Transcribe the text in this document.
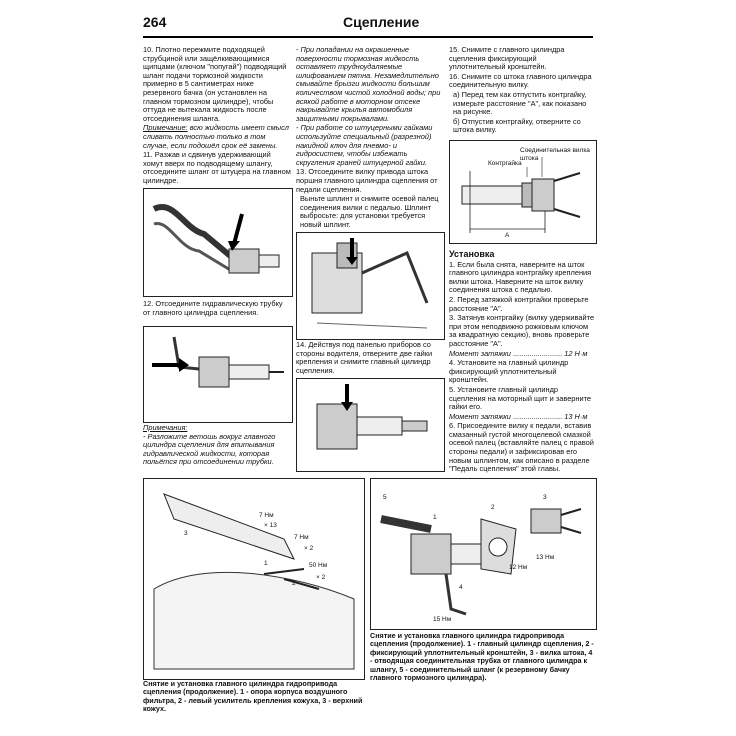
264	Сцепление

10. Плотно пережмите подходящей струбциной или защёлкивающимися щипцами (ключом "попугай") подводящий шланг подачи тормозной жидкости примерно в 5 сантиметрах ниже резервного бачка (он установлен на главном тормозном цилиндре), чтобы оттуда не вытекала жидкость после отсоединения шланга.

Примечание: всю жидкость имеет смысл сливать полностью только в том случае, если подошёл срок её замены.

11. Разжав и сдвинув удерживающий хомут вверх по подводящему шлангу, отсоедините шланг от штуцера на главном цилиндре.

12. Отсоедините гидравлическую трубку от главного цилиндра сцепления.

Примечания:
- Разложите ветошь вокруг главного цилиндра сцепления для впитывания гидравлической жидкости, которая польётся при отсоединении трубки.

- При попадании на окрашенные поверхности тормозная жидкость оставляет трудноудаляемые шлифованием пятна. Незамедлительно смывайте брызги жидкости большим количеством чистой холодной воды; при всякой работе в моторном отсеке накрывайте крылья автомобиля защитными покрывалами.

- При работе со штуцерными гайками используйте специальный (разрезной) накидной ключ для пневмо- и гидросистем, чтобы избежать скругления граней штуцерной гайки.

13. Отсоедините вилку привода штока поршня главного цилиндра сцепления от педали сцепления.

Выньте шплинт и снимите осевой палец соединения вилки с педалью. Шплинт выбросьте: для установки требуется новый шплинт.

14. Действуя под панелью приборов со стороны водителя, отверните две гайки крепления и снимите главный цилиндр сцепления.

15. Снимите с главного цилиндра сцепления фиксирующий уплотнительный кронштейн.

16. Снимите со штока главного цилиндра соединительную вилку.

а) Перед тем как отпустить контргайку, измерьте расстояние "А", как показано на рисунке.

б) Отпустив контргайку, отверните со штока вилку.

A
Контргайка
Соединительная вилка штока
Установка

1. Если была снята, наверните на шток главного цилиндра контргайку крепления вилки штока. Наверните на шток вилку соединения штока с педалью.

2. Перед затяжкой контргайки проверьте расстояние "А".

3. Затянув контргайку (вилку удерживайте при этом неподвижно рожковым ключом за квадратную секцию), вновь проверьте расстояние "А".

Момент затяжки ........................ 12 Н·м

4. Установите на главный цилиндр фиксирующий уплотнительный кронштейн.

5. Установите главный цилиндр сцепления на моторный щит и заверните гайки его.

Момент затяжки ........................ 13 Н·м

6. Присоедините вилку к педали, вставив смазанный густой многоцелевой смазкой осевой палец (вставляйте палец с правой стороны педали) и зафиксировав его новым шплинтом, как описано в разделе "Педаль сцепления" этой главы.

3
7 Нм
× 13
7 Нм
× 2
1
2
50 Нм
× 2
Снятие и установка главного цилиндра гидропривода сцепления (продолжение). 1 - опора корпуса воздушного фильтра, 2 - левый усилитель крепления кожуха, 3 - верхний кожух.
5
1
2
3
4
12 Нм
13 Нм
15 Нм
Снятие и установка главного цилиндра гидропривода сцепления (продолжение). 1 - главный цилиндр сцепления, 2 - фиксирующий уплотнительный кронштейн, 3 - вилка штока, 4 - отводящая соединительная трубка от главного цилиндра к шлангу, 5 - соединительный шланг (к резервному бачку главного тормозного цилиндра).
